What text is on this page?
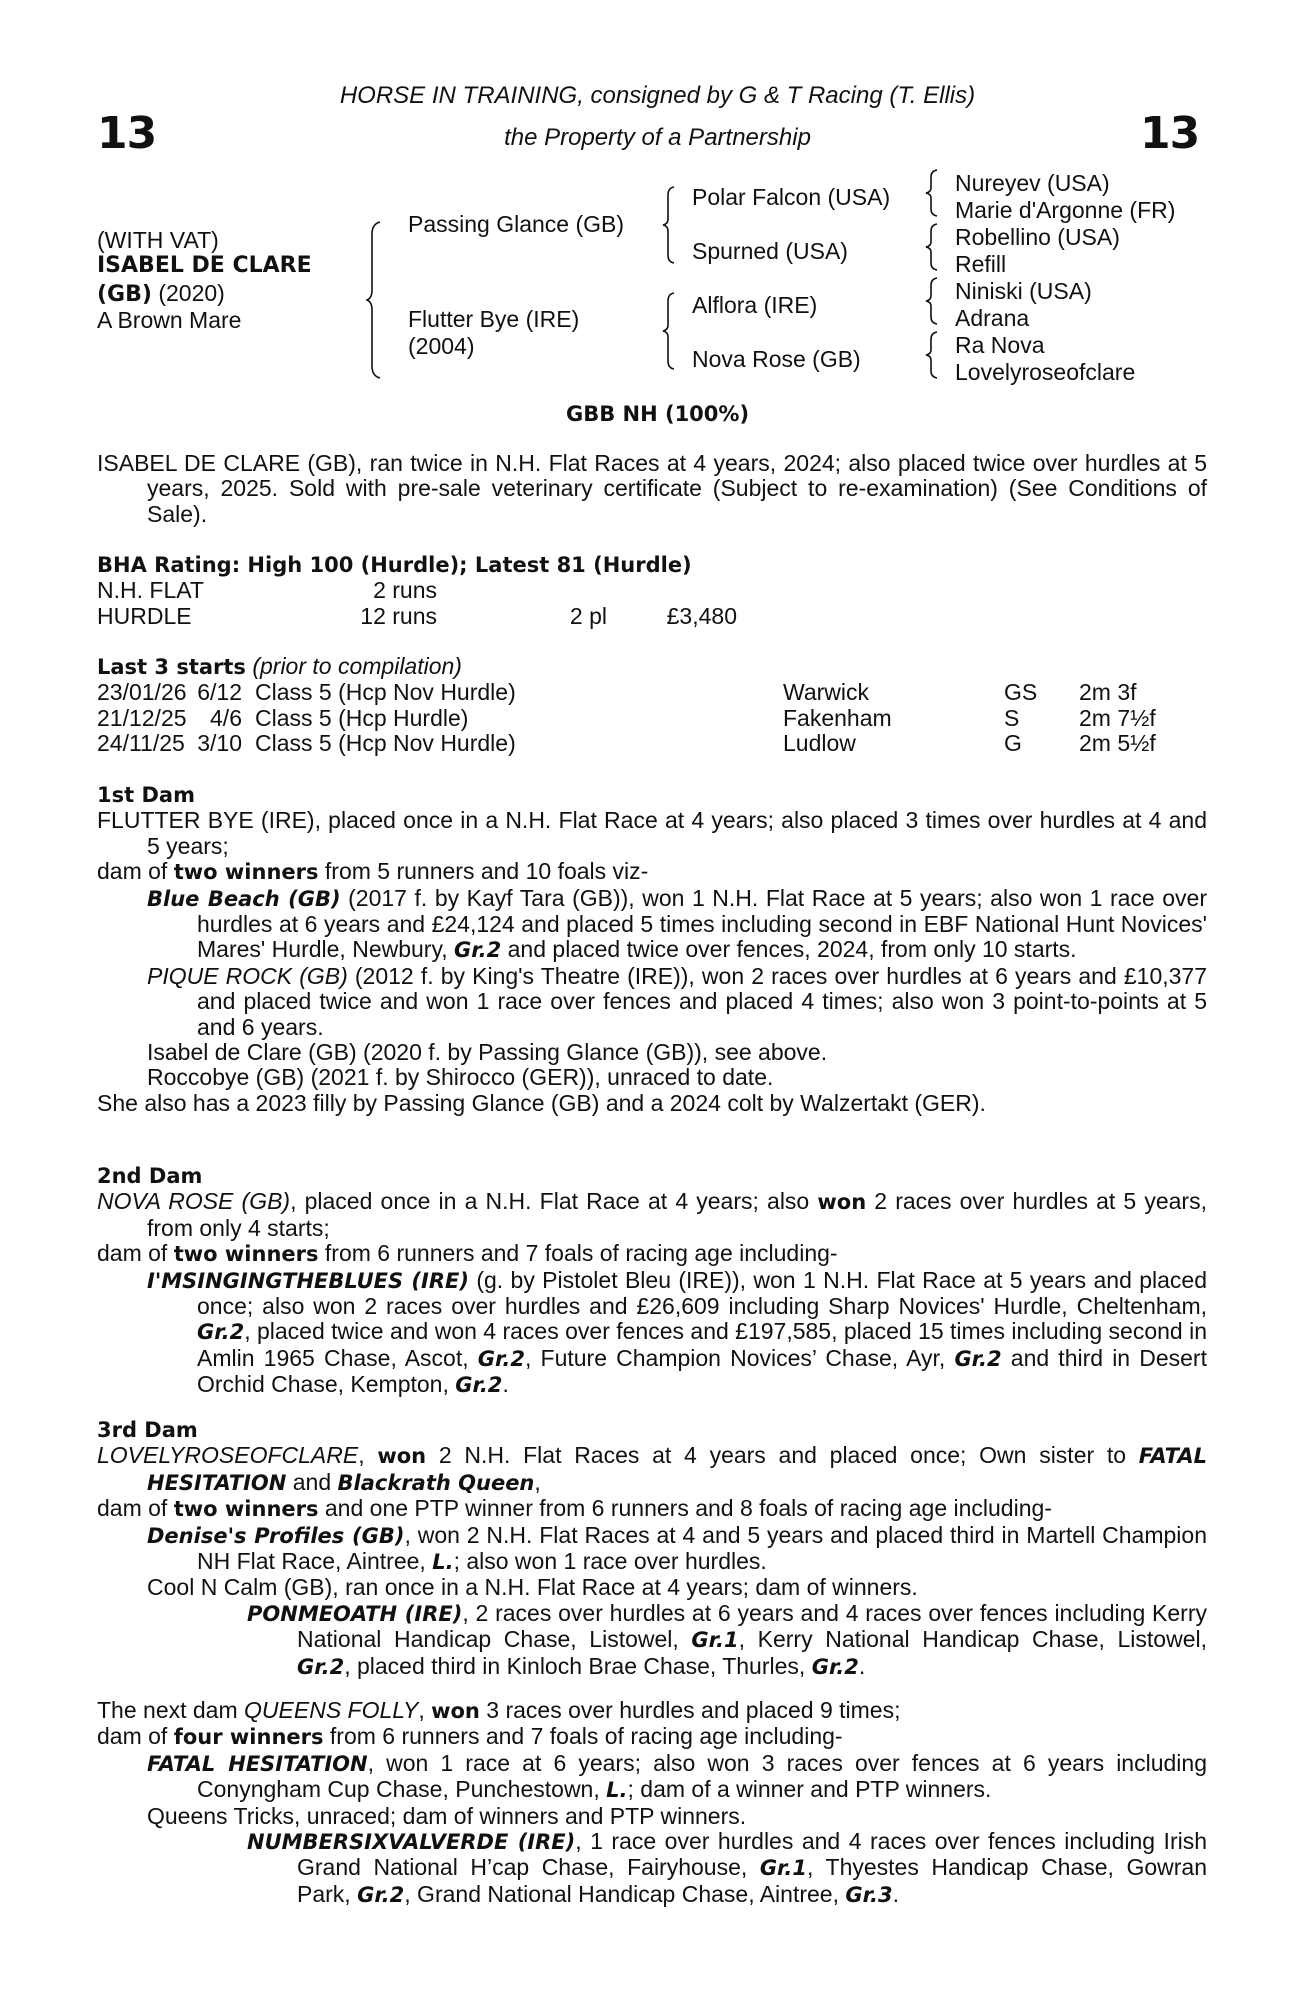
13	13
HORSE IN TRAINING, consigned by G & T Racing (T. Ellis)
the Property of a Partnership
(WITH VAT)
ISABEL DE CLARE
(GB) (2020)
A Brown Mare
Passing Glance (GB)
Flutter Bye (IRE)
(2004)
Polar Falcon (USA)
Spurned (USA)
Alflora (IRE)
Nova Rose (GB)
Nureyev (USA)
Marie d'Argonne (FR)
Robellino (USA)
Refill
Niniski (USA)
Adrana
Ra Nova
Lovelyroseofclare
GBB NH (100%)

ISABEL DE CLARE (GB), ran twice in N.H. Flat Races at 4 years, 2024; also placed twice over hurdles at 5 years, 2025. Sold with pre-sale veterinary certificate (Subject to re-examination) (See Conditions of Sale).

BHA Rating: High 100 (Hurdle); Latest 81 (Hurdle)
N.H. FLAT	2 runs		
HURDLE	12 runs	2 pl	£3,480
Last 3 starts (prior to compilation)
23/01/26	6/12	Class 5 (Hcp Nov Hurdle)	Warwick	GS	2m 3f
21/12/25	4/6	Class 5 (Hcp Hurdle)	Fakenham	S	2m 7½f
24/11/25	3/10	Class 5 (Hcp Nov Hurdle)	Ludlow	G	2m 5½f
1st Dam

FLUTTER BYE (IRE), placed once in a N.H. Flat Race at 4 years; also placed 3 times over hurdles at 4 and 5 years;

dam of two winners from 5 runners and 10 foals viz-

Blue Beach (GB) (2017 f. by Kayf Tara (GB)), won 1 N.H. Flat Race at 5 years; also won 1 race over hurdles at 6 years and £24,124 and placed 5 times including second in EBF National Hunt Novices' Mares' Hurdle, Newbury, Gr.2 and placed twice over fences, 2024, from only 10 starts.

PIQUE ROCK (GB) (2012 f. by King's Theatre (IRE)), won 2 races over hurdles at 6 years and £10,377 and placed twice and won 1 race over fences and placed 4 times; also won 3 point-to-points at 5 and 6 years.

Isabel de Clare (GB) (2020 f. by Passing Glance (GB)), see above.

Roccobye (GB) (2021 f. by Shirocco (GER)), unraced to date.

She also has a 2023 filly by Passing Glance (GB) and a 2024 colt by Walzertakt (GER).

2nd Dam

NOVA ROSE (GB), placed once in a N.H. Flat Race at 4 years; also won 2 races over hurdles at 5 years, from only 4 starts;

dam of two winners from 6 runners and 7 foals of racing age including-

I'MSINGINGTHEBLUES (IRE) (g. by Pistolet Bleu (IRE)), won 1 N.H. Flat Race at 5 years and placed once; also won 2 races over hurdles and £26,609 including Sharp Novices' Hurdle, Cheltenham, Gr.2, placed twice and won 4 races over fences and £197,585, placed 15 times including second in Amlin 1965 Chase, Ascot, Gr.2, Future Champion Novices’ Chase, Ayr, Gr.2 and third in Desert Orchid Chase, Kempton, Gr.2.

3rd Dam

LOVELYROSEOFCLARE, won 2 N.H. Flat Races at 4 years and placed once; Own sister to FATAL HESITATION and Blackrath Queen,

dam of two winners and one PTP winner from 6 runners and 8 foals of racing age including-

Denise's Profiles (GB), won 2 N.H. Flat Races at 4 and 5 years and placed third in Martell Champion NH Flat Race, Aintree, L.; also won 1 race over hurdles.

Cool N Calm (GB), ran once in a N.H. Flat Race at 4 years; dam of winners.

PONMEOATH (IRE), 2 races over hurdles at 6 years and 4 races over fences including Kerry National Handicap Chase, Listowel, Gr.1, Kerry National Handicap Chase, Listowel, Gr.2, placed third in Kinloch Brae Chase, Thurles, Gr.2.

The next dam QUEENS FOLLY, won 3 races over hurdles and placed 9 times;

dam of four winners from 6 runners and 7 foals of racing age including-

FATAL HESITATION, won 1 race at 6 years; also won 3 races over fences at 6 years including Conyngham Cup Chase, Punchestown, L.; dam of a winner and PTP winners.

Queens Tricks, unraced; dam of winners and PTP winners.

NUMBERSIXVALVERDE (IRE), 1 race over hurdles and 4 races over fences including Irish Grand National H’cap Chase, Fairyhouse, Gr.1, Thyestes Handicap Chase, Gowran Park, Gr.2, Grand National Handicap Chase, Aintree, Gr.3.
